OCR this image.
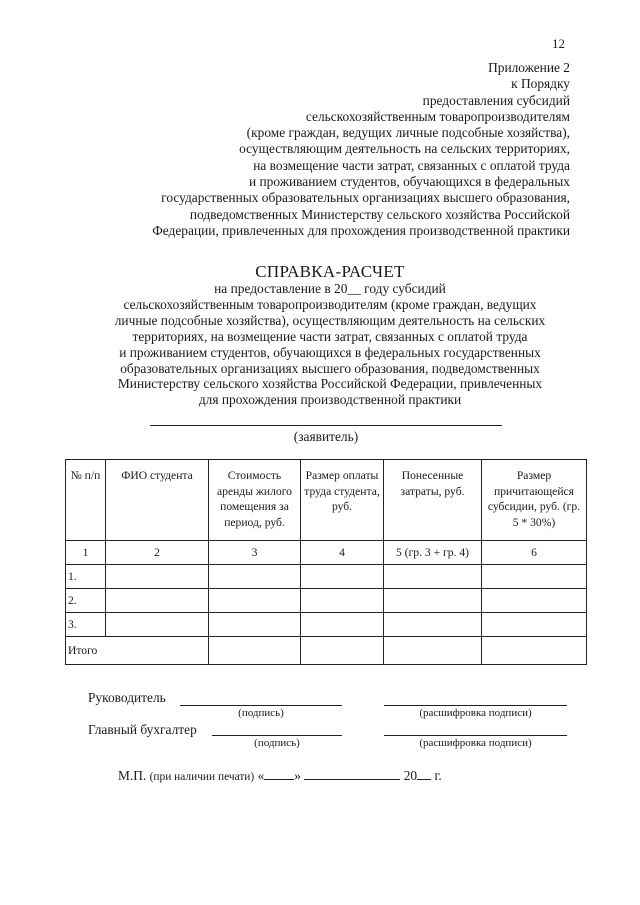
12
Приложение 2
к Порядку
предоставления субсидий
сельскохозяйственным товаропроизводителям
(кроме граждан, ведущих личные подсобные хозяйства),
осуществляющим деятельность на сельских территориях,
на возмещение части затрат, связанных с оплатой труда
и проживанием студентов, обучающихся в федеральных
государственных образовательных организациях высшего образования,
подведомственных Министерству сельского хозяйства Российской
Федерации, привлеченных для прохождения производственной практики
СПРАВКА-РАСЧЕТ
на предоставление в 20__ году субсидий
сельскохозяйственным товаропроизводителям (кроме граждан, ведущих
личные подсобные хозяйства), осуществляющим деятельность на сельских
территориях, на возмещение части затрат, связанных с оплатой труда
и проживанием студентов, обучающихся в федеральных государственных
образовательных организациях высшего образования, подведомственных
Министерству сельского хозяйства Российской Федерации, привлеченных
для прохождения производственной практики
(заявитель)
№ п/п	ФИО студента	Стоимость аренды жилого помещения за период, руб.	Размер оплаты труда студента, руб.	Понесенные затраты, руб.	Размер причитающейся субсидии, руб. (гр. 5 * 30%)
1	2	3	4	5 (гр. 3 + гр. 4)	6
1.					
2.					
3.					
Итого					
Руководитель
(подпись)	(расшифровка подписи)
Главный бухгалтер
(подпись)	(расшифровка подписи)
М.П. (при наличии печати) « »	20 г.
